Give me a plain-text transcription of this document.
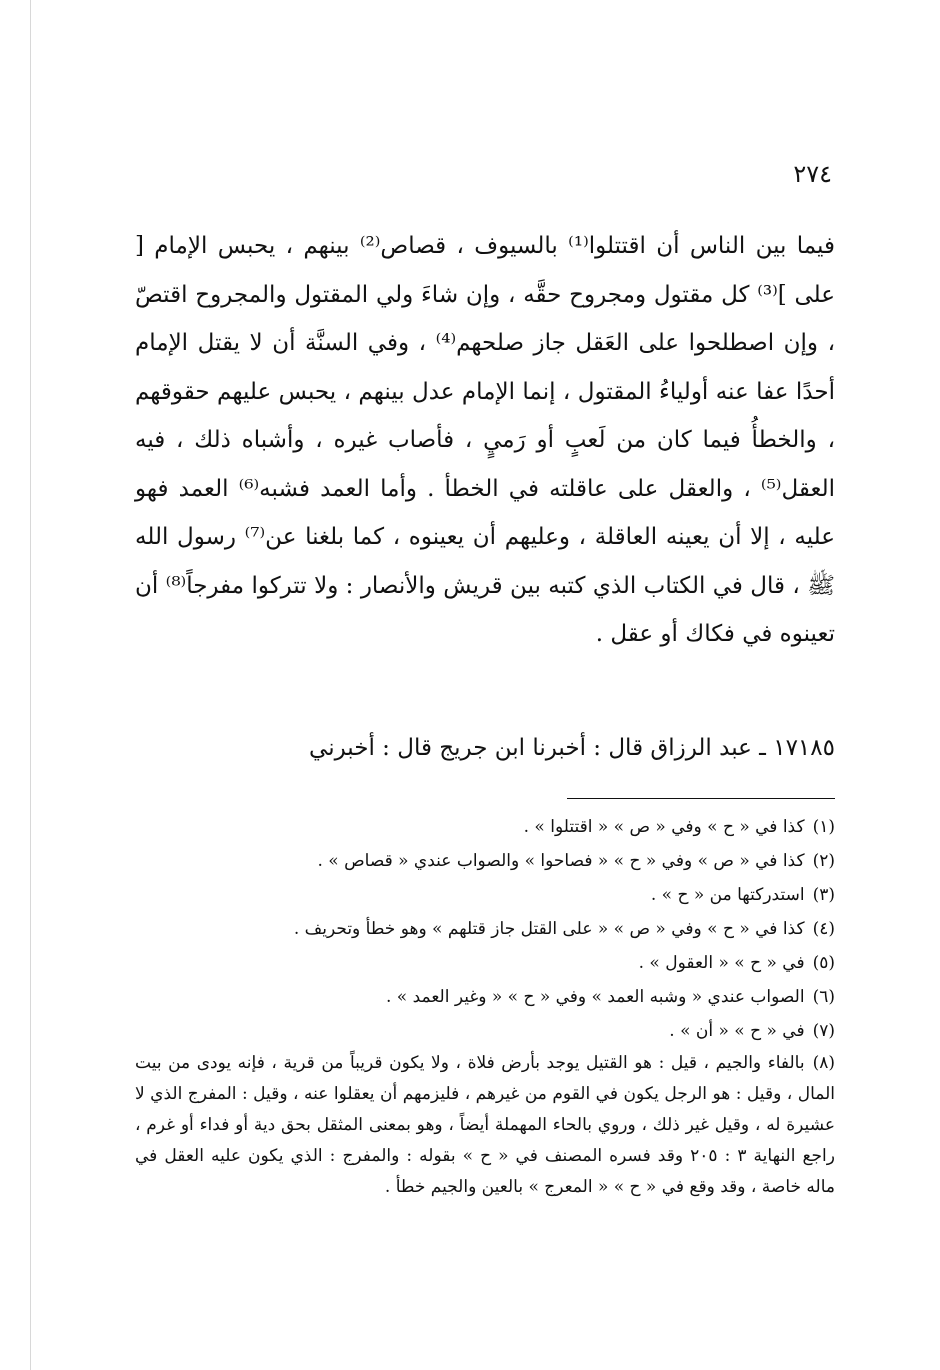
٢٧٤
فيما بين الناس أن اقتتلوا⁽¹⁾ بالسيوف ، قصاص⁽²⁾ بينهم ، يحبس الإمام [ على ]⁽³⁾ كل مقتول ومجروح حقَّه ، وإن شاءَ ولي المقتول والمجروح اقتصّ ، وإن اصطلحوا على العَقل جاز صلحهم⁽⁴⁾ ، وفي السنَّة أن لا يقتل الإمام أحدًا عفا عنه أولياءُ المقتول ، إنما الإمام عدل بينهم ، يحبس عليهم حقوقهم ، والخطأُ فيما كان من لَعبٍ أو رَميٍ ، فأصاب غيره ، وأشباه ذلك ، فيه العقل⁽⁵⁾ ، والعقل على عاقلته في الخطأ . وأما العمد فشبه⁽⁶⁾ العمد فهو عليه ، إلا أن يعينه العاقلة ، وعليهم أن يعينوه ، كما بلغنا عن⁽⁷⁾ رسول الله ﷺ ، قال في الكتاب الذي كتبه بين قريش والأنصار : ولا تتركوا مفرجاً⁽⁸⁾ أن تعينوه في فكاك أو عقل .
١٧١٨٥ ـ عبد الرزاق قال : أخبرنا ابن جريج قال : أخبرني
(١)كذا في « ح » وفي « ص » « اقتتلوا » .
(٢)كذا في « ص » وفي « ح » « فصاحوا » والصواب عندي « قصاص » .
(٣)استدركتها من « ح » .
(٤)كذا في « ح » وفي « ص » « على القتل جاز قتلهم » وهو خطأ وتحريف .
(٥)في « ح » « العقول » .
(٦)الصواب عندي « وشبه العمد » وفي « ح » « وغير العمد » .
(٧)في « ح » « أن » .
(٨)بالفاء والجيم ، قيل : هو القتيل يوجد بأرض فلاة ، ولا يكون قريباً من قرية ، فإنه يودى من بيت المال ، وقيل : هو الرجل يكون في القوم من غيرهم ، فليزمهم أن يعقلوا عنه ، وقيل : المفرج الذي لا عشيرة له ، وقيل غير ذلك ، وروي بالحاء المهملة أيضاً ، وهو بمعنى المثقل بحق دية أو فداء أو غرم ، راجع النهاية ٣ : ٢٠٥ وقد فسره المصنف في « ح » بقوله : والمفرج : الذي يكون عليه العقل في ماله خاصة ، وقد وقع في « ح » « المعرج » بالعين والجيم خطأ .
